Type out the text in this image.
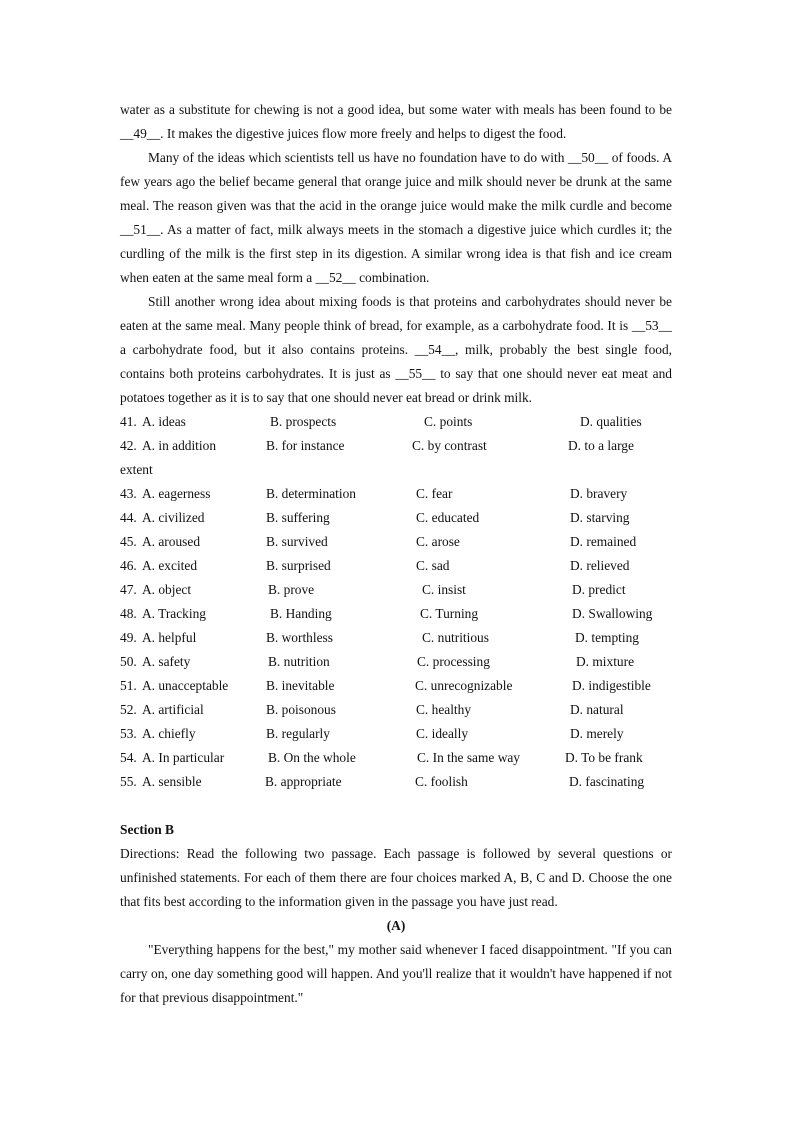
water as a substitute for chewing is not a good idea, but some water with meals has been found to be __49__. It makes the digestive juices flow more freely and helps to digest the food.

Many of the ideas which scientists tell us have no foundation have to do with __50__ of foods. A few years ago the belief became general that orange juice and milk should never be drunk at the same meal. The reason given was that the acid in the orange juice would make the milk curdle and become __51__. As a matter of fact, milk always meets in the stomach a digestive juice which curdles it; the curdling of the milk is the first step in its digestion. A similar wrong idea is that fish and ice cream when eaten at the same meal form a __52__ combination.

Still another wrong idea about mixing foods is that proteins and carbohydrates should never be eaten at the same meal. Many people think of bread, for example, as a carbohydrate food. It is __53__ a carbohydrate food, but it also contains proteins. __54__, milk, probably the best single food, contains both proteins carbohydrates. It is just as __55__ to say that one should never eat meat and potatoes together as it is to say that one should never eat bread or drink milk.

41. A. ideas	B. prospects	C. points	D. qualities
42. A. in addition	B. for instance	C. by contrast	D. to a large
extent
43. A. eagerness	B. determination	C. fear	D. bravery
44. A. civilized	B. suffering	C. educated	D. starving
45. A. aroused	B. survived	C. arose	D. remained
46. A. excited	B. surprised	C. sad	D. relieved
47. A. object	B. prove	C. insist	D. predict
48. A. Tracking	B. Handing	C. Turning	D. Swallowing
49. A. helpful	B. worthless	C. nutritious	D. tempting
50. A. safety	B. nutrition	C. processing	D. mixture
51. A. unacceptable	B. inevitable	C. unrecognizable	D. indigestible
52. A. artificial	B. poisonous	C. healthy	D. natural
53. A. chiefly	B. regularly	C. ideally	D. merely
54. A. In particular	B. On the whole	C. In the same way	D. To be frank
55. A. sensible	B. appropriate	C. foolish	D. fascinating
Section B

Directions: Read the following two passage. Each passage is followed by several questions or unfinished statements. For each of them there are four choices marked A, B, C and D. Choose the one that fits best according to the information given in the passage you have just read.

(A)

"Everything happens for the best," my mother said whenever I faced disappointment. "If you can carry on, one day something good will happen. And you'll realize that it wouldn't have happened if not for that previous disappointment."
